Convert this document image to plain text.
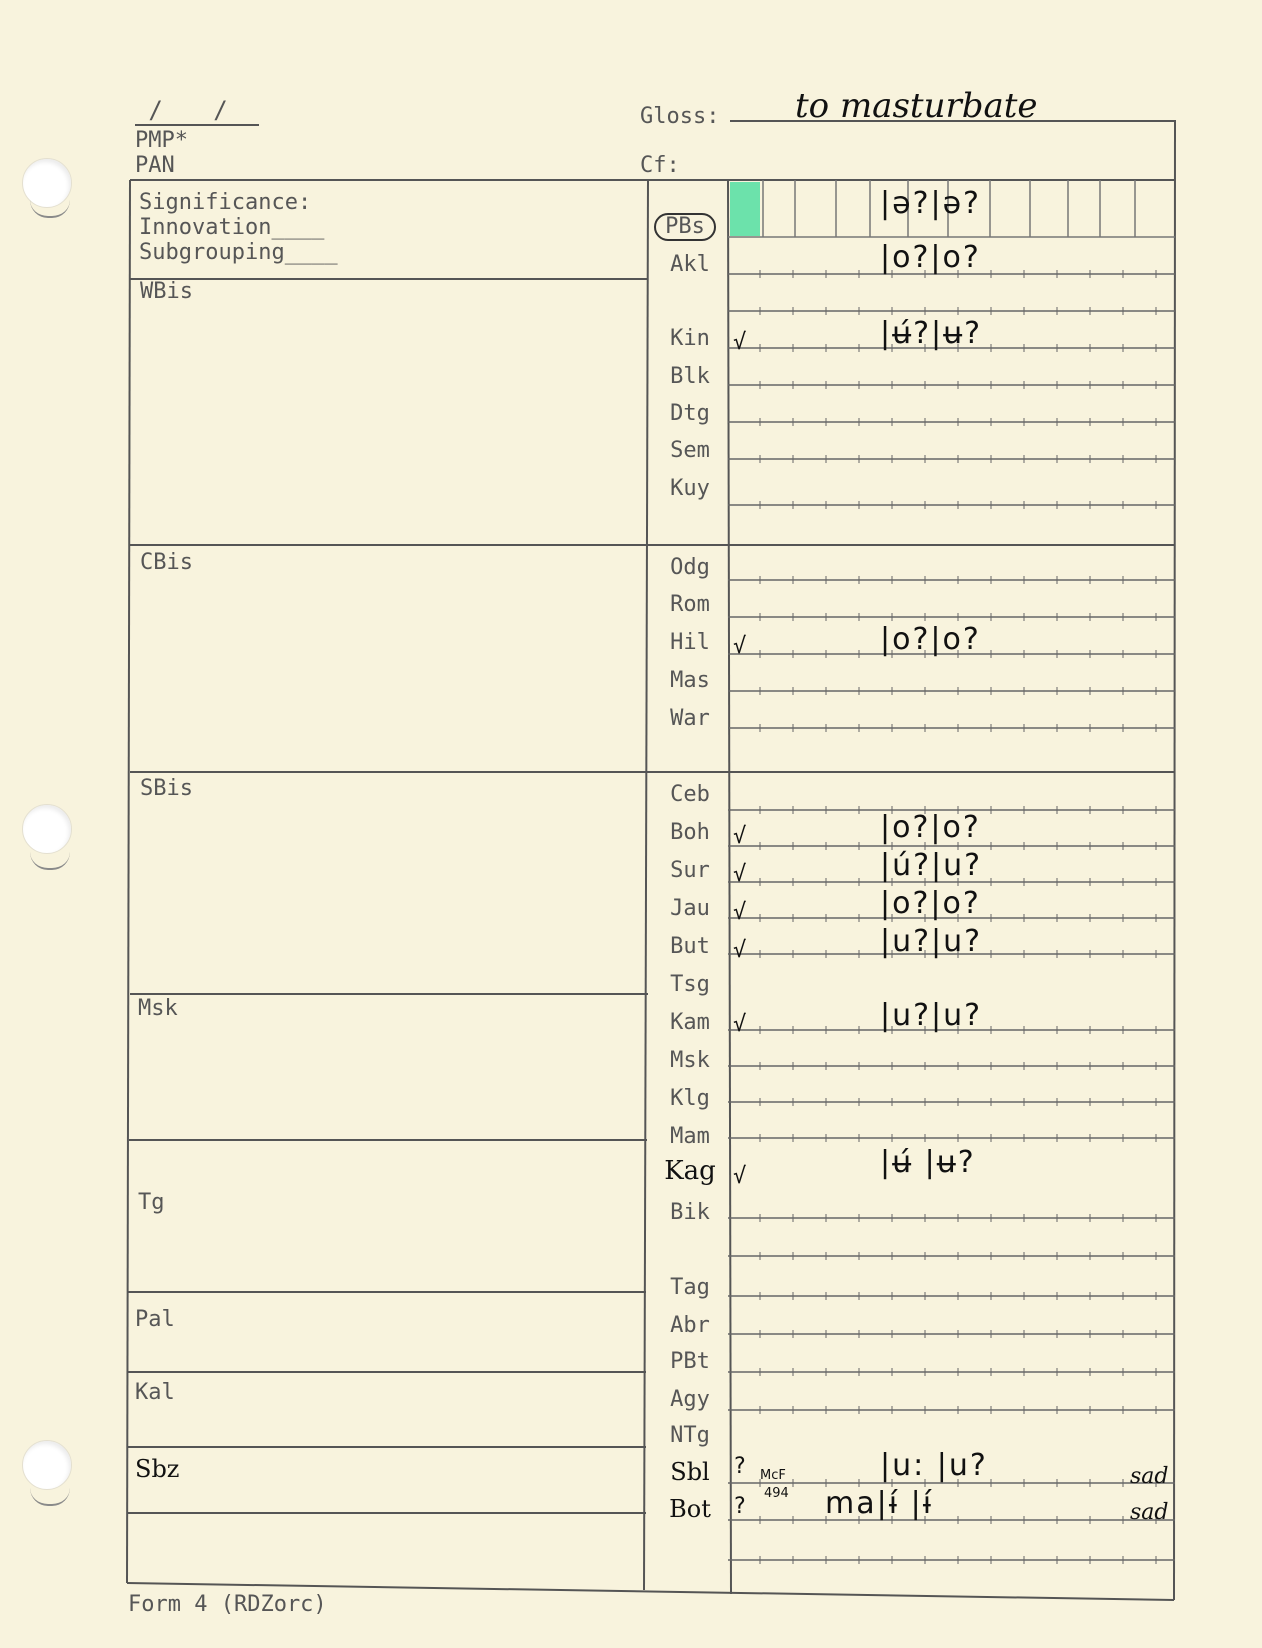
/ /
PMP*
PAN
Gloss: to masturbate
Cf:
Significance:
Innovation____
Subgrouping____
WBis
CBis
SBis
Msk
Tg
Pal
Kal
Sbz
PBs
Akl
Kin
Blk
Dtg
Sem
Kuy
Odg
Rom
Hil
Mas
War
Ceb
Boh
Sur
Jau
But
Tsg
Kam
Msk
Klg
Mam
Kag
Bik
Tag
Abr
PBt
Agy
NTg
Sbl
Bot
|ə?|ə?
|o?|o?
|ʉ́?|ʉ?
|o?|o?
|o?|o?
|ú?|u?
|o?|o?
|u?|u?
|u?|u?
|ʉ́ |ʉ?
|u: |u?
ma|ɨ́ |ɨ́
√
√
√
√
√
√
√
√
?
?
McF
494
sad
sad
Form 4 (RDZorc)
